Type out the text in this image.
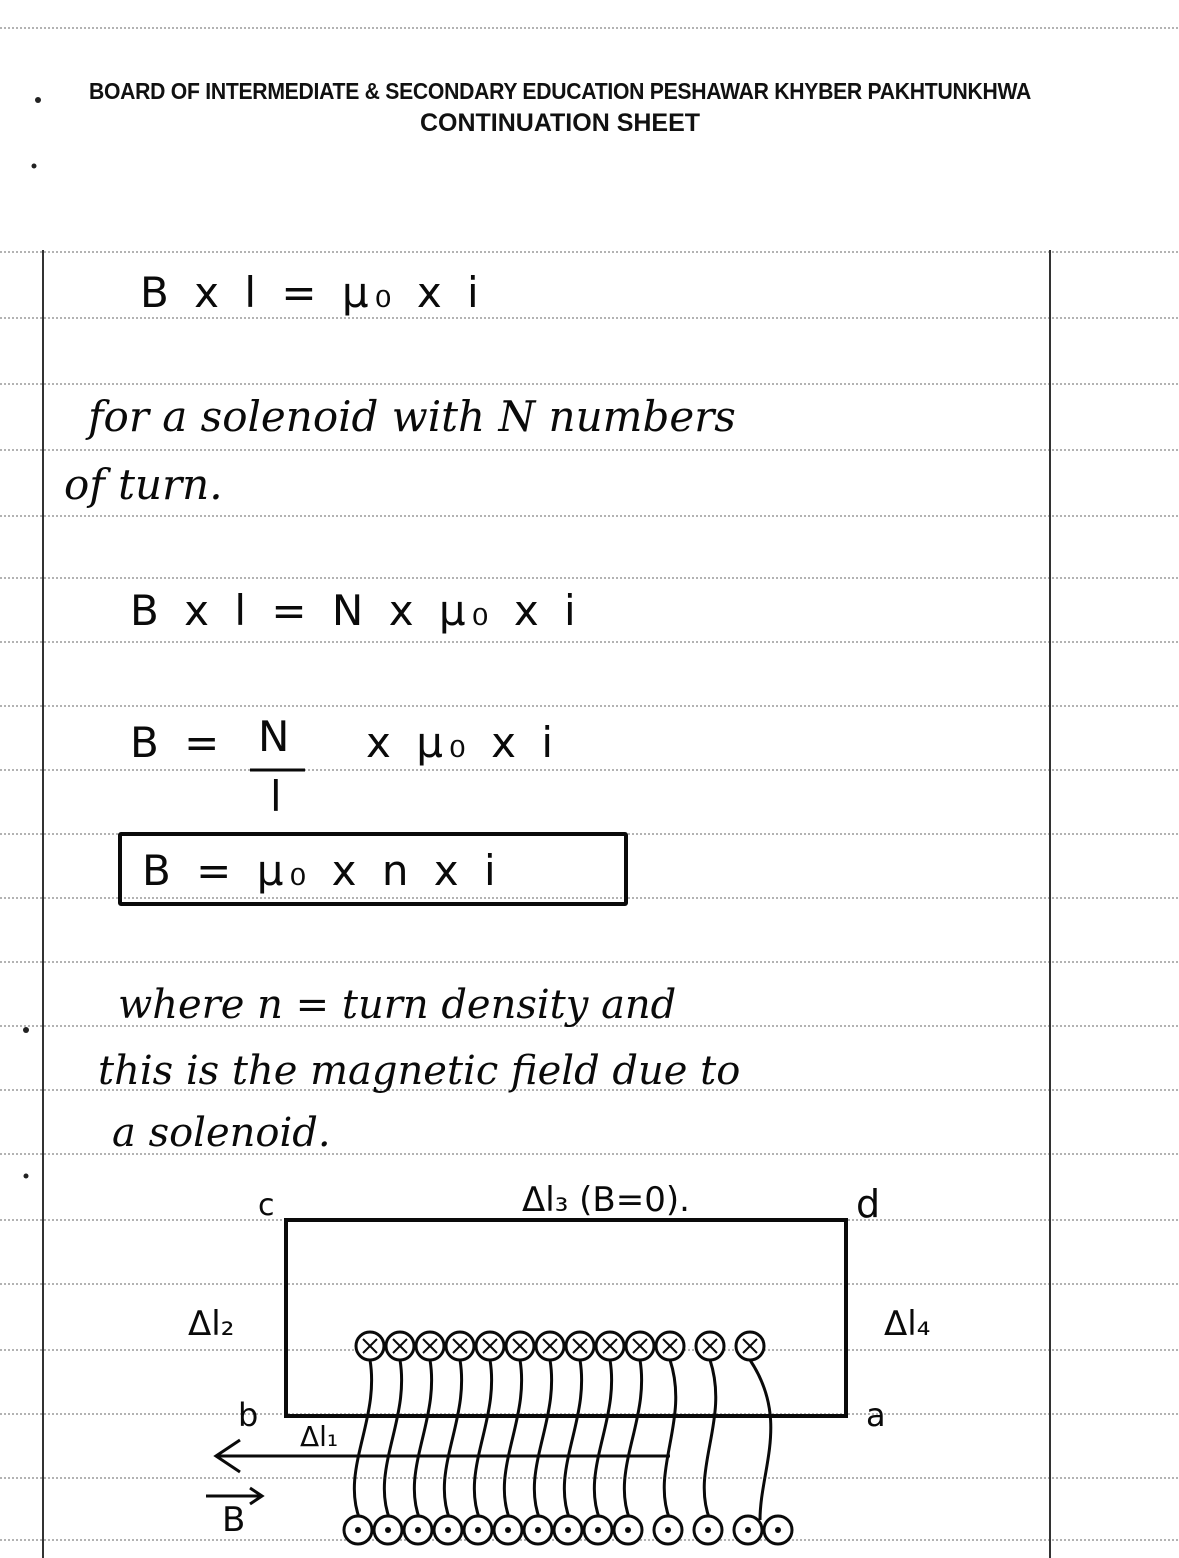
BOARD OF INTERMEDIATE & SECONDARY EDUCATION PESHAWAR KHYBER PAKHTUNKHWA
CONTINUATION SHEET
B x l = μ₀ x i
for a solenoid with N numbers
of turn.
B x l = N x μ₀ x i
B = N
l
x μ₀ x i
B = μ₀ x n x i
where n = turn density and
this is the magnetic field due to
a solenoid.
c	d
b	a
Δl₃ (B=0).
Δl₂	Δl₄
Δl₁
B
